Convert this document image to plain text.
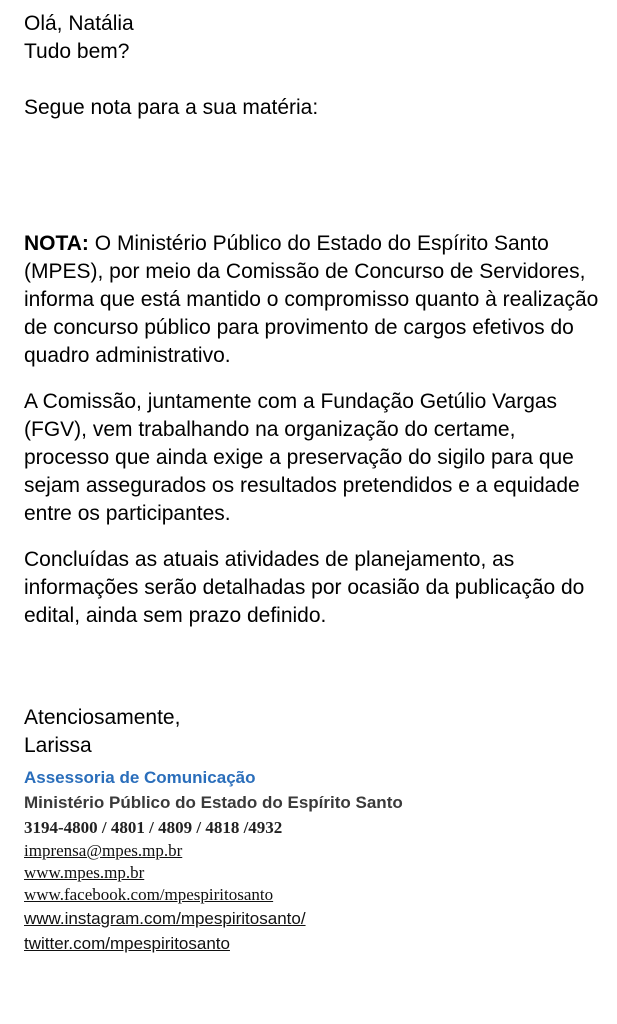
Olá, Natália

Tudo bem?

Segue nota para a sua matéria:

NOTA: O Ministério Público do Estado do Espírito Santo (MPES), por meio da Comissão de Concurso de Servidores, informa que está mantido o compromisso quanto à realização de concurso público para provimento de cargos efetivos do quadro administrativo.

A Comissão, juntamente com a Fundação Getúlio Vargas (FGV), vem trabalhando na organização do certame, processo que ainda exige a preservação do sigilo para que sejam assegurados os resultados pretendidos e a equidade entre os participantes.

Concluídas as atuais atividades de planejamento, as informações serão detalhadas por ocasião da publicação do edital, ainda sem prazo definido.

Atenciosamente,

Larissa

Assessoria de Comunicação
Ministério Público do Estado do Espírito Santo
3194-4800 / 4801 / 4809 / 4818 /4932
imprensa@mpes.mp.br
www.mpes.mp.br
www.facebook.com/mpespiritosanto
www.instagram.com/mpespiritosanto/
twitter.com/mpespiritosanto
